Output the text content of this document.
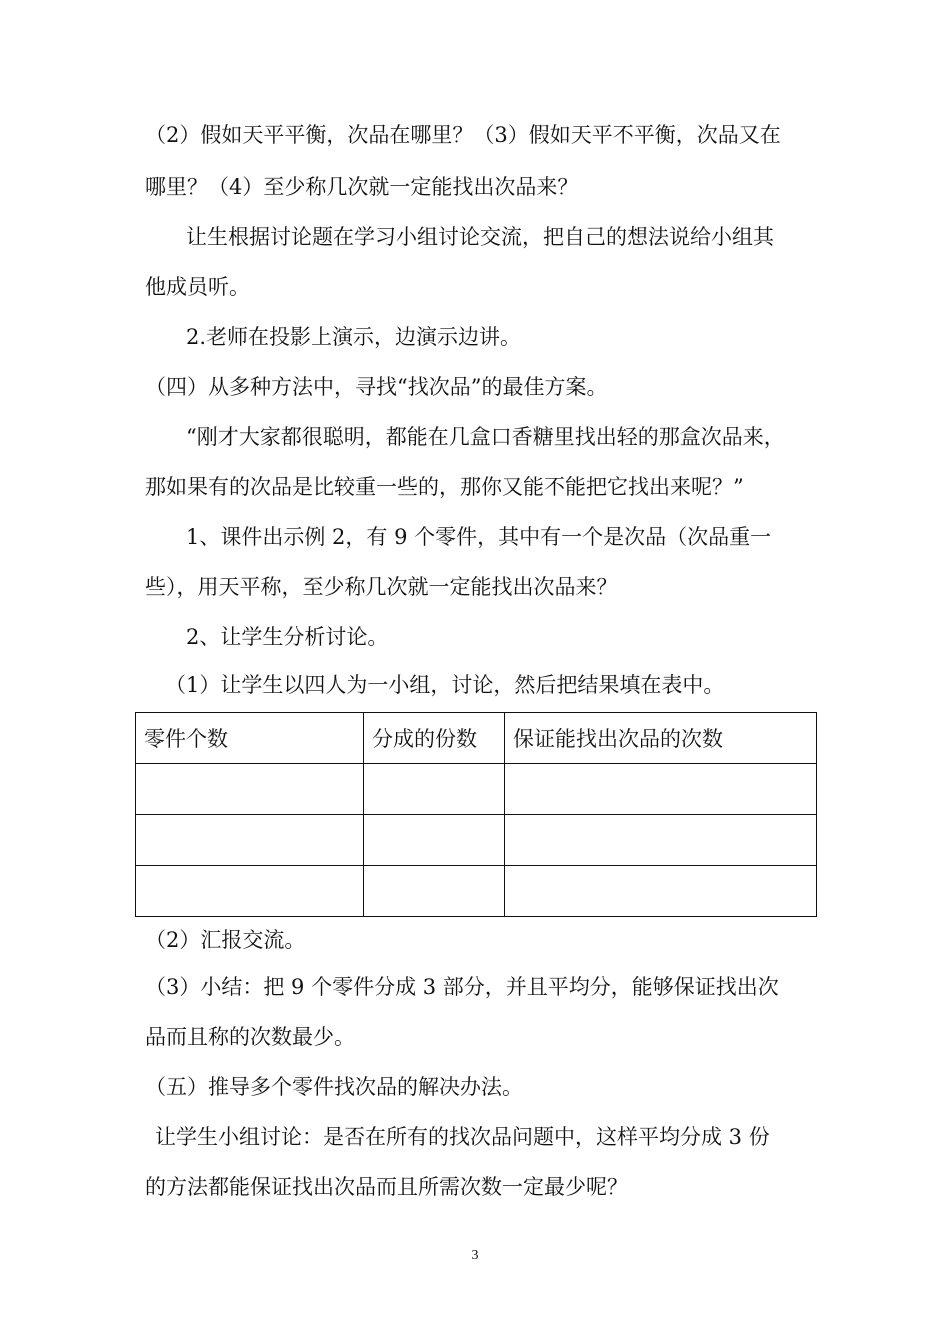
（2）假如天平平衡，次品在哪里？（3）假如天平不平衡，次品又在
哪里？（4）至少称几次就一定能找出次品来？
让生根据讨论题在学习小组讨论交流，把自己的想法说给小组其
他成员听。
2.老师在投影上演示，边演示边讲。
（四）从多种方法中，寻找“找次品”的最佳方案。
“刚才大家都很聪明，都能在几盒口香糖里找出轻的那盒次品来，
那如果有的次品是比较重一些的，那你又能不能把它找出来呢？”
1、课件出示例 2，有 9 个零件，其中有一个是次品（次品重一
些），用天平称，至少称几次就一定能找出次品来？
2、让学生分析讨论。
（1）让学生以四人为一小组，讨论，然后把结果填在表中。
零件个数	分成的份数	保证能找出次品的次数

（2）汇报交流。
（3）小结：把 9 个零件分成 3 部分，并且平均分，能够保证找出次
品而且称的次数最少。
（五）推导多个零件找次品的解决办法。
让学生小组讨论：是否在所有的找次品问题中，这样平均分成 3 份
的方法都能保证找出次品而且所需次数一定最少呢？
3
